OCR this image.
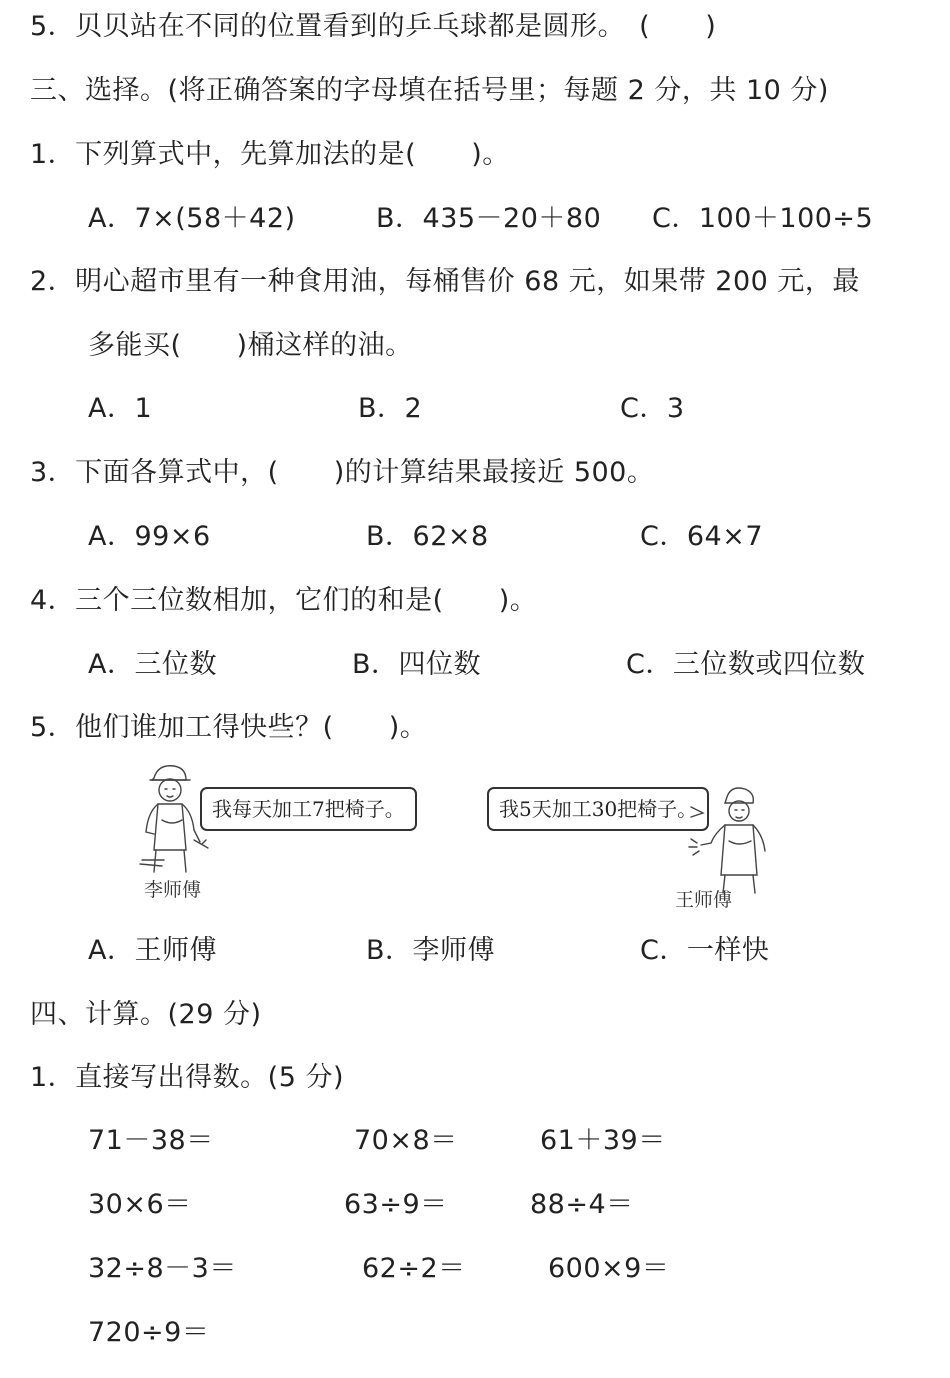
5．贝贝站在不同的位置看到的乒乓球都是圆形。　(　　)
三、选择。(将正确答案的字母填在括号里；每题 2 分，共 10 分)
1．下列算式中，先算加法的是(　　)。
A．7×(58＋42)	B．435－20＋80 C．100＋100÷5
2．明心超市里有一种食用油，每桶售价 68 元，如果带 200 元，最
多能买(　　)桶这样的油。
A．1	B．2	C．3
3．下面各算式中，(　　)的计算结果最接近 500。
A．99×6	B．62×8	C．64×7
4．三个三位数相加，它们的和是(　　)。
A．三位数	B．四位数	C．三位数或四位数
5．他们谁加工得快些？(　　)。
我每天加工7把椅子。
李师傅
我5天加工30把椅子。
王师傅
A．王师傅	B．李师傅	C．一样快
四、计算。(29 分)
1．直接写出得数。(5 分)
71－38＝	70×8＝	61＋39＝
30×6＝	63÷9＝	88÷4＝
32÷8－3＝	62÷2＝	600×9＝
720÷9＝
